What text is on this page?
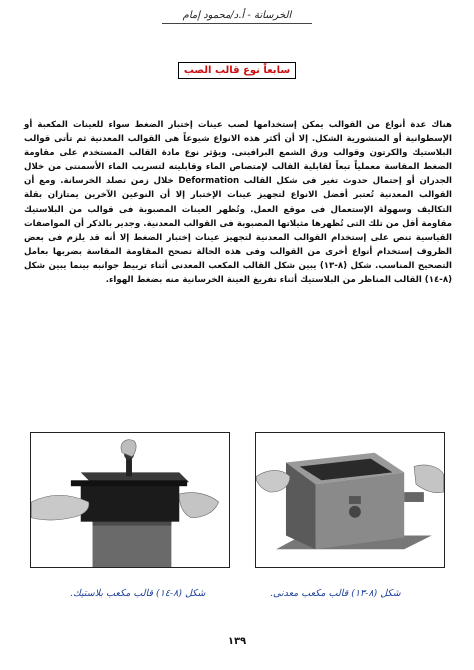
الخرسانة - أ.د/محمود إمام
سابعاً نوع قالب الصب

هناك عدة أنواع من القوالب يمكن إستخدامها لصب عينات إختبار الضغط سواء للعينات المكعبة أو الإسطوانية أو المنشورية الشكل. إلا أن أكثر هذه الانواع شيوعاً هى القوالب المعدنية ثم تأتى قوالب البلاستيك والكرتون وقوالب ورق الشمع البرافينى. ويؤثر نوع مادة القالب المستخدم على مقاومة الضغط المقاسة معملياً تبعاً لقابلية القالب لإمتصاص الماء وقابليته لتسريب الماء الأسمنتى من خلال الجدران أو إحتمال حدوث تغير فى شكل القالب Deformation خلال زمن تصلد الخرسانة. ومع أن القوالب المعدنية تُعتبر أفضل الانواع لتجهيز عينات الإختبار إلا أن النوعين الآخرين يمتازان بقلة التكاليف وسهولة الإستعمال فى موقع العمل. وتُظهر العينات المصبوبة فى قوالب من البلاستيك مقاومة أقل من تلك التى تُظهرها مثيلاتها المصبوبة فى القوالب المعدنية. وجدير بالذكر أن المواصفات القياسية تنص على إستخدام القوالب المعدنية لتجهيز عينات إختبار الضغط إلا أنه قد يلزم فى بعض الظروف إستخدام أنواع أخرى من القوالب وفى هذه الحالة تصحح المقاومة المقاسة بضربها بعامل التصحيح المناسب. شكل (٨-١٣) يبين شكل القالب المكعب المعدنى أثناء تربيط جوانبه بينما يبين شكل (٨-١٤) القالب المناظر من البلاستيك أثناء تفريغ العينة الخرسانية منه بضغط الهواء.

شكل (٨-١٤) قالب مكعب بلاستيك.	شكل (٨-١٣) قالب مكعب معدنى.
١٣٩
